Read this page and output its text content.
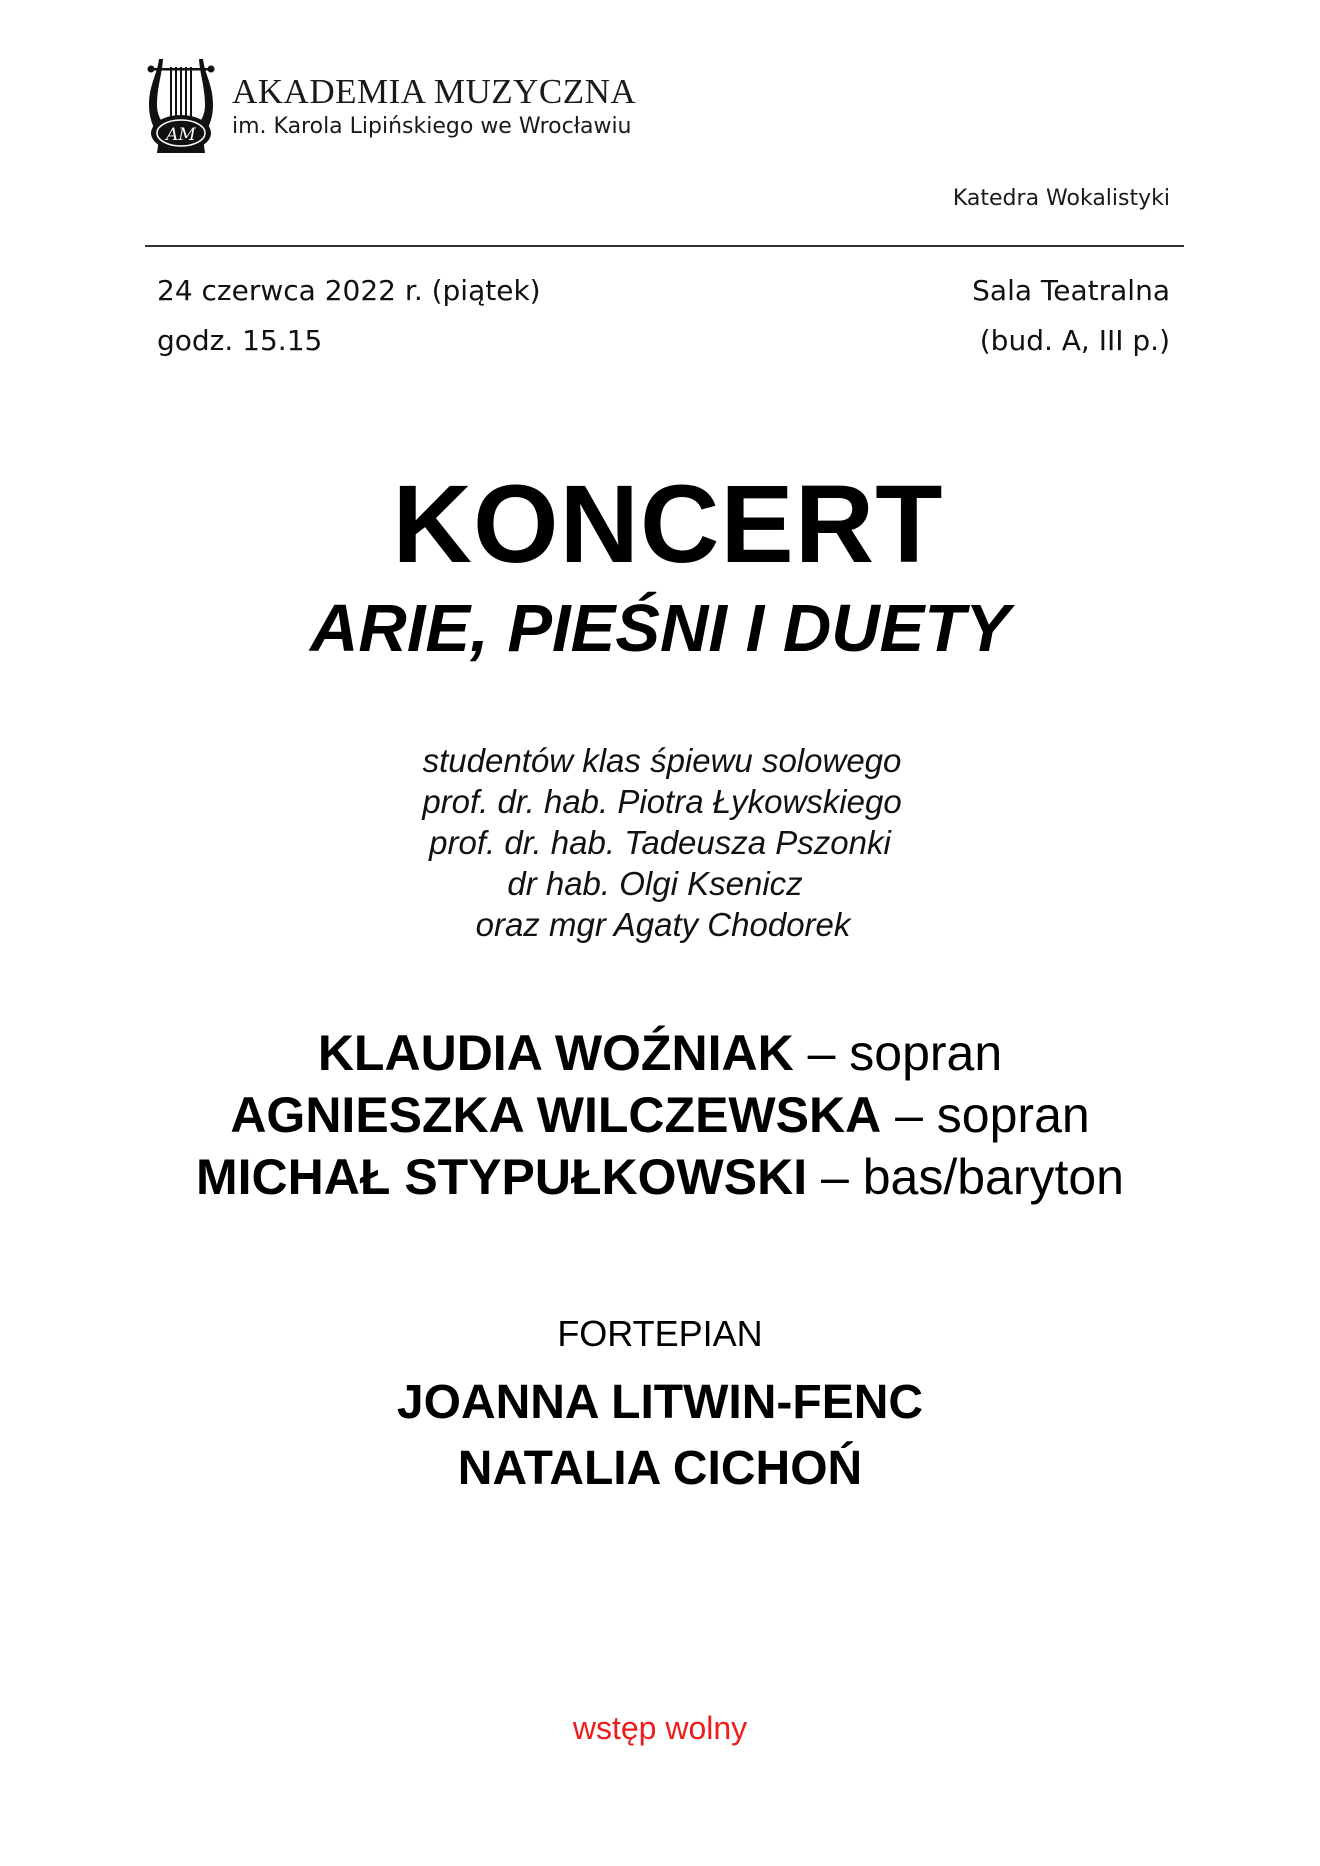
AM
AKADEMIA MUZYCZNA
im. Karola Lipińskiego we Wrocławiu
Katedra Wokalistyki
24 czerwca 2022 r. (piątek)
godz. 15.15
Sala Teatralna
(bud. A, III p.)
KONCERT
ARIE, PIEŚNI I DUETY
studentów klas śpiewu solowego
prof. dr. hab. Piotra Łykowskiego
prof. dr. hab. Tadeusza Pszonki
dr hab. Olgi Ksenicz
oraz mgr Agaty Chodorek
KLAUDIA WOŹNIAK – sopran
AGNIESZKA WILCZEWSKA – sopran
MICHAŁ STYPUŁKOWSKI – bas/baryton
FORTEPIAN
JOANNA LITWIN-FENC
NATALIA CICHOŃ
wstęp wolny
